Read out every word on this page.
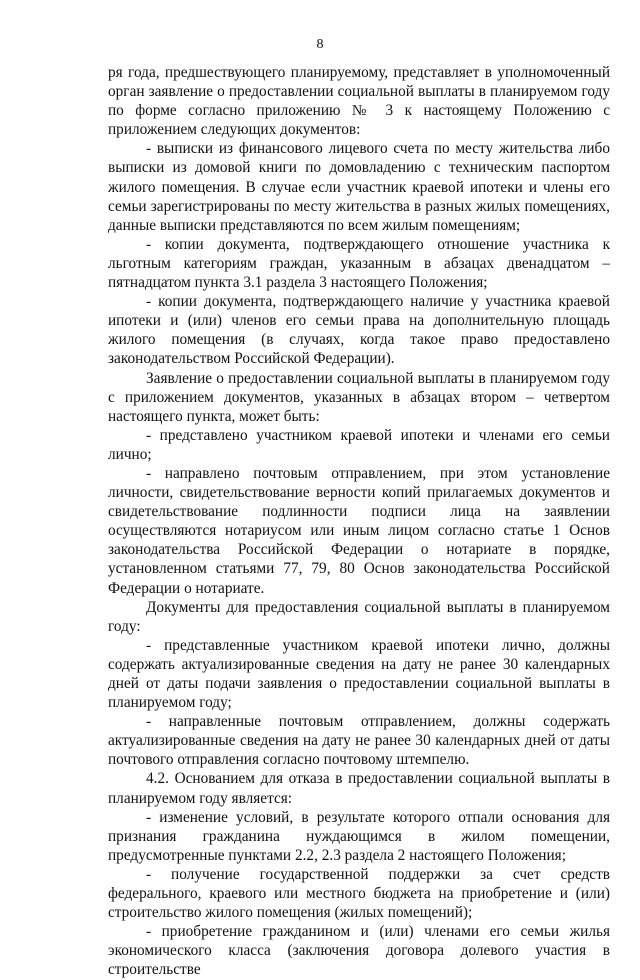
8

ря года, предшествующего планируемому, представляет в уполномоченный орган заявление о предоставлении социальной выплаты в планируемом году по форме согласно приложению № 3 к настоящему Положению с приложением следующих документов:

- выписки из финансового лицевого счета по месту жительства либо выписки из домовой книги по домовладению с техническим паспортом жилого помещения. В случае если участник краевой ипотеки и члены его семьи зарегистрированы по месту жительства в разных жилых помещениях, данные выписки представляются по всем жилым помещениям;

- копии документа, подтверждающего отношение участника к льготным категориям граждан, указанным в абзацах двенадцатом – пятнадцатом пункта 3.1 раздела 3 настоящего Положения;

- копии документа, подтверждающего наличие у участника краевой ипотеки и (или) членов его семьи права на дополнительную площадь жилого помещения (в случаях, когда такое право предоставлено законодательством Российской Федерации).

Заявление о предоставлении социальной выплаты в планируемом году с приложением документов, указанных в абзацах втором – четвертом настоящего пункта, может быть:

- представлено участником краевой ипотеки и членами его семьи лично;

- направлено почтовым отправлением, при этом установление личности, свидетельствование верности копий прилагаемых документов и свидетельствование подлинности подписи лица на заявлении осуществляются нотариусом или иным лицом согласно статье 1 Основ законодательства Российской Федерации о нотариате в порядке, установленном статьями 77, 79, 80 Основ законодательства Российской Федерации о нотариате.

Документы для предоставления социальной выплаты в планируемом году:

- представленные участником краевой ипотеки лично, должны содержать актуализированные сведения на дату не ранее 30 календарных дней от даты подачи заявления о предоставлении социальной выплаты в планируемом году;

- направленные почтовым отправлением, должны содержать актуализированные сведения на дату не ранее 30 календарных дней от даты почтового отправления согласно почтовому штемпелю.

4.2. Основанием для отказа в предоставлении социальной выплаты в планируемом году является:

- изменение условий, в результате которого отпали основания для признания гражданина нуждающимся в жилом помещении, предусмотренные пунктами 2.2, 2.3 раздела 2 настоящего Положения;

- получение государственной поддержки за счет средств федерального, краевого или местного бюджета на приобретение и (или) строительство жилого помещения (жилых помещений);

- приобретение гражданином и (или) членами его семьи жилья экономического класса (заключения договора долевого участия в строительстве
